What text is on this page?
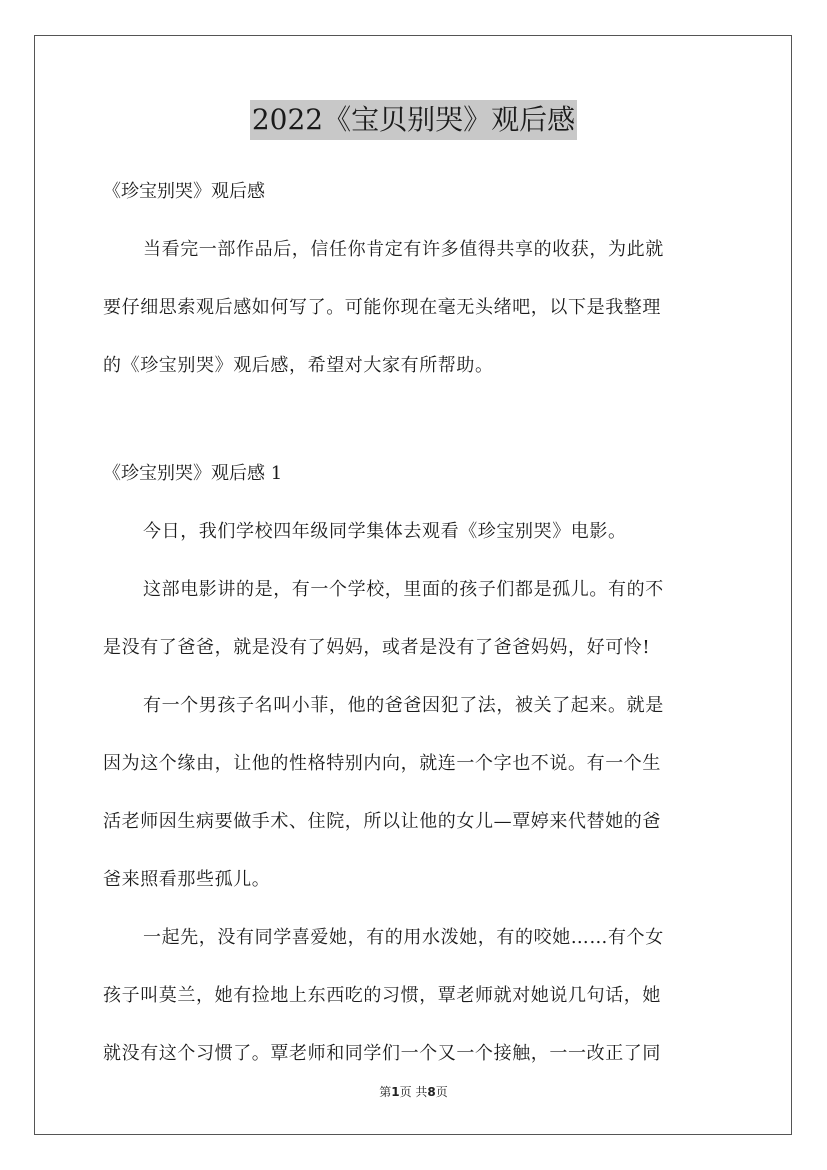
2022《宝贝别哭》观后感
《珍宝别哭》观后感
当看完一部作品后，信任你肯定有许多值得共享的收获，为此就
要仔细思索观后感如何写了。可能你现在毫无头绪吧，以下是我整理
的《珍宝别哭》观后感，希望对大家有所帮助。
《珍宝别哭》观后感 1
今日，我们学校四年级同学集体去观看《珍宝别哭》电影。
这部电影讲的是，有一个学校，里面的孩子们都是孤儿。有的不
是没有了爸爸，就是没有了妈妈，或者是没有了爸爸妈妈，好可怜!
有一个男孩子名叫小菲，他的爸爸因犯了法，被关了起来。就是
因为这个缘由，让他的性格特别内向，就连一个字也不说。有一个生
活老师因生病要做手术、住院，所以让他的女儿—覃婷来代替她的爸
爸来照看那些孤儿。
一起先，没有同学喜爱她，有的用水泼她，有的咬她……有个女
孩子叫莫兰，她有捡地上东西吃的习惯，覃老师就对她说几句话，她
就没有这个习惯了。覃老师和同学们一个又一个接触，一一改正了同
第1页 共8页
